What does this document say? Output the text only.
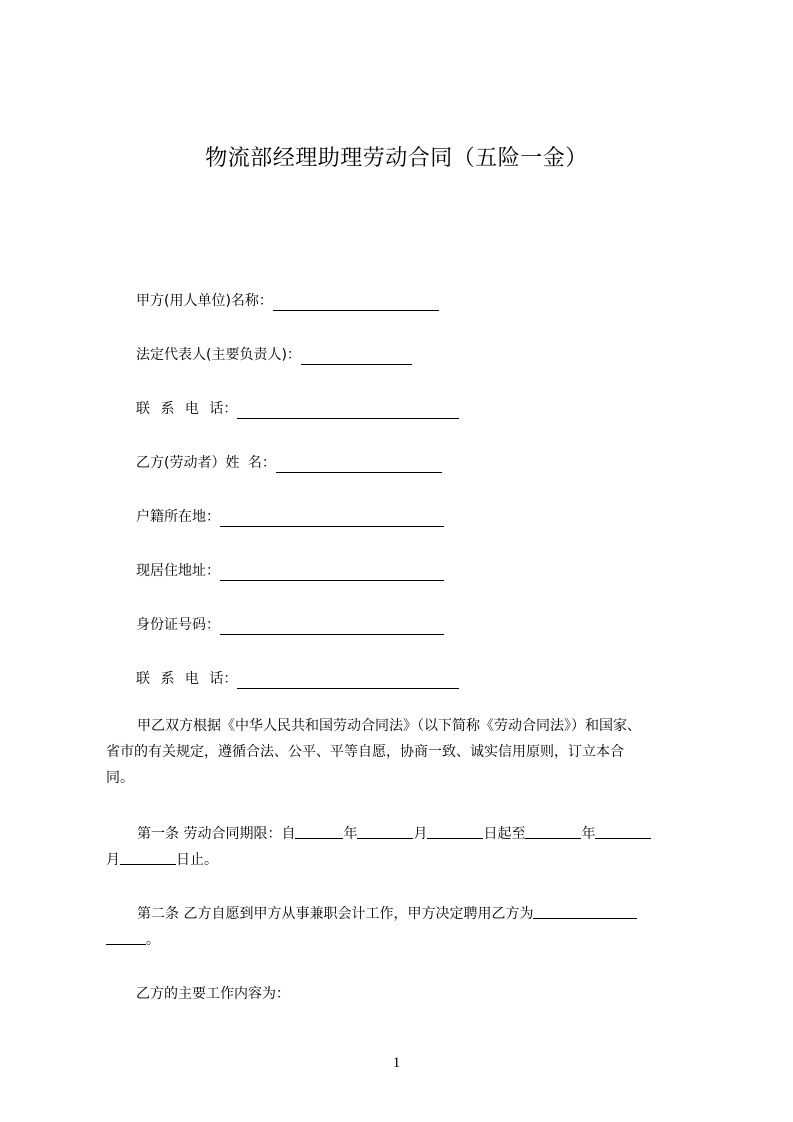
物流部经理助理劳动合同（五险一金）
甲方(用人单位)名称：
法定代表人(主要负责人)：
联 系 电 话：
乙方(劳动者）姓 名：
户籍所在地：
现居住地址：
身份证号码：
联 系 电 话：
甲乙双方根据《中华人民共和国劳动合同法》（以下简称《劳动合同法》）和国家、
省市的有关规定，遵循合法、公平、平等自愿，协商一致、诚实信用原则，订立本合
同。
第一条 劳动合同期限：自	年	月	日起至	年
月	日止。
第二条 乙方自愿到甲方从事兼职会计工作，甲方决定聘用乙方为
。
乙方的主要工作内容为：
1
